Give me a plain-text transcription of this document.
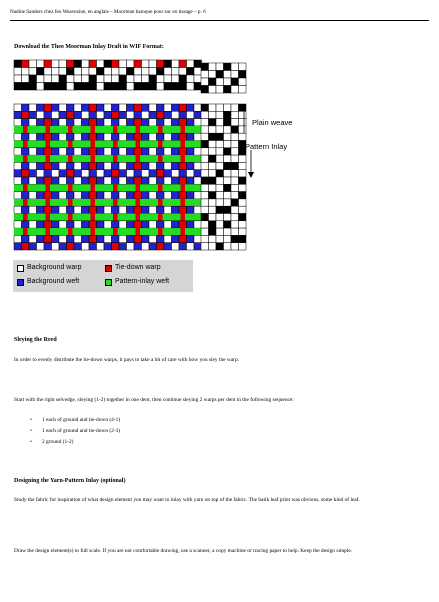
Nadine Sanders chez feu Weavezine, en anglais – Moorman baroque pour sac en tissage – p. 6
Download the Theo Moorman Inlay Draft in WIF Format:
Plain weave
Pattern Inlay
Background warp	Tie-down warp
Background weft	Pattern-inlay weft
Sleying the Reed
In order to evenly distribute the tie-down warps, it pays to take a bit of care with how you sley the warp.
Start with the right selvedge, sleying (1-2) together in one dent, then continue sleying 2 warps per dent in the following sequence:
• 1 each of ground and tie-down (4-1)
• 1 each of ground and tie-down (2-3)
• 2 ground (1-2)
Designing the Yarn-Pattern Inlay (optional)
Study the fabric for inspiration of what design element you may want to inlay with yarn on top of the fabric. The batik leaf print was obvious, some kind of leaf.
Draw the design element(s) to full scale. If you are not comfortable drawing, use a scanner, a copy machine or tracing paper to help. Keep the design simple.
